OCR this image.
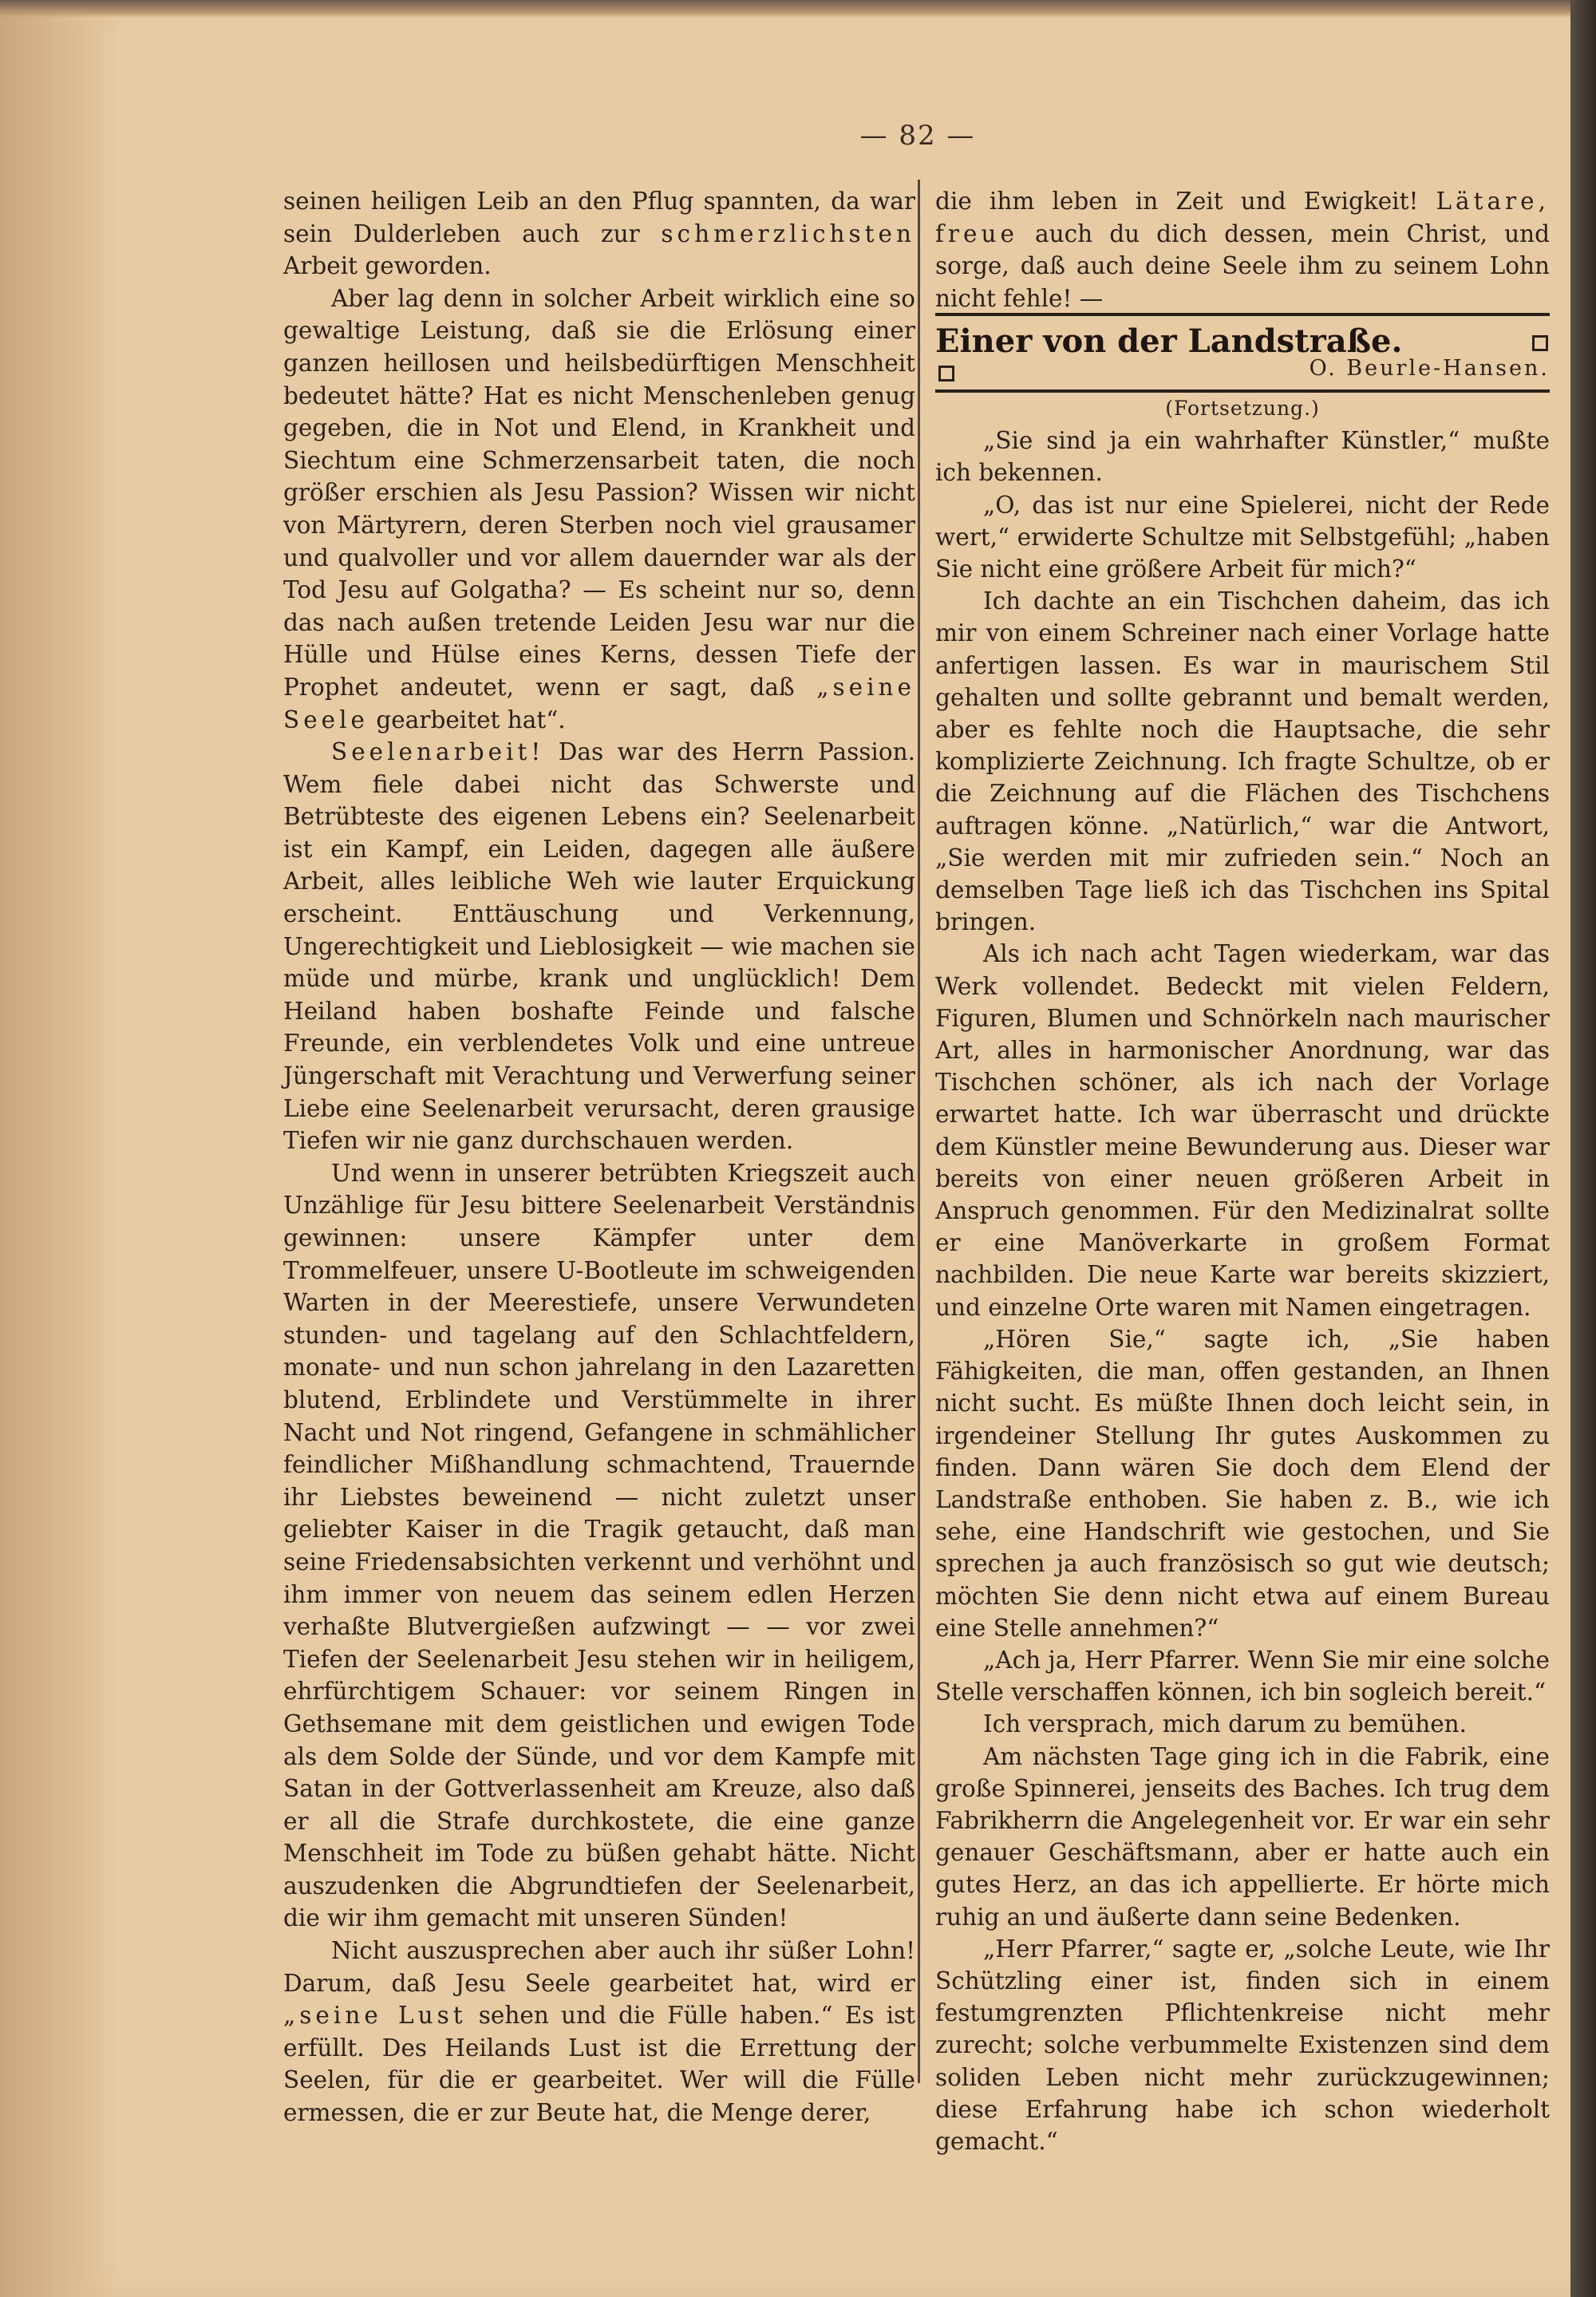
— 82 —

seinen heiligen Leib an den Pflug spannten, da war sein Dulderleben auch zur schmerzlichsten Arbeit geworden.

Aber lag denn in solcher Arbeit wirklich eine so gewaltige Leistung, daß sie die Erlösung einer ganzen heillosen und heilsbedürftigen Menschheit bedeutet hätte? Hat es nicht Menschenleben genug gegeben, die in Not und Elend, in Krankheit und Siechtum eine Schmerzensarbeit taten, die noch größer erschien als Jesu Passion? Wissen wir nicht von Märtyrern, deren Sterben noch viel grausamer und qualvoller und vor allem dauernder war als der Tod Jesu auf Golgatha? — Es scheint nur so, denn das nach außen tretende Leiden Jesu war nur die Hülle und Hülse eines Kerns, dessen Tiefe der Prophet andeutet, wenn er sagt, daß „seine Seele gearbeitet hat“.

Seelenarbeit! Das war des Herrn Passion. Wem fiele dabei nicht das Schwerste und Betrübteste des eigenen Lebens ein? Seelenarbeit ist ein Kampf, ein Leiden, dagegen alle äußere Arbeit, alles leibliche Weh wie lauter Erquickung erscheint. Enttäuschung und Verkennung, Ungerechtigkeit und Lieblosigkeit — wie machen sie müde und mürbe, krank und unglücklich! Dem Heiland haben boshafte Feinde und falsche Freunde, ein verblendetes Volk und eine untreue Jüngerschaft mit Verachtung und Verwerfung seiner Liebe eine Seelenarbeit verursacht, deren grausige Tiefen wir nie ganz durchschauen werden.

Und wenn in unserer betrübten Kriegszeit auch Unzählige für Jesu bittere Seelenarbeit Verständnis gewinnen: unsere Kämpfer unter dem Trommelfeuer, unsere U-Bootleute im schweigenden Warten in der Meerestiefe, unsere Verwundeten stunden- und tagelang auf den Schlachtfeldern, monate- und nun schon jahrelang in den Lazaretten blutend, Erblindete und Verstümmelte in ihrer Nacht und Not ringend, Gefangene in schmählicher feindlicher Mißhandlung schmachtend, Trauernde ihr Liebstes beweinend — nicht zuletzt unser geliebter Kaiser in die Tragik getaucht, daß man seine Friedensabsichten verkennt und verhöhnt und ihm immer von neuem das seinem edlen Herzen verhaßte Blutvergießen aufzwingt — — vor zwei Tiefen der Seelenarbeit Jesu stehen wir in heiligem, ehrfürchtigem Schauer: vor seinem Ringen in Gethsemane mit dem geistlichen und ewigen Tode als dem Solde der Sünde, und vor dem Kampfe mit Satan in der Gottverlassenheit am Kreuze, also daß er all die Strafe durchkostete, die eine ganze Menschheit im Tode zu büßen gehabt hätte. Nicht auszudenken die Abgrundtiefen der Seelenarbeit, die wir ihm gemacht mit unseren Sünden!

Nicht auszusprechen aber auch ihr süßer Lohn! Darum, daß Jesu Seele gearbeitet hat, wird er „seine Lust sehen und die Fülle haben.“ Es ist erfüllt. Des Heilands Lust ist die Errettung der Seelen, für die er gearbeitet. Wer will die Fülle ermessen, die er zur Beute hat, die Menge derer,

die ihm leben in Zeit und Ewigkeit! Lätare, freue auch du dich dessen, mein Christ, und sorge, daß auch deine Seele ihm zu seinem Lohn nicht fehle! —

Einer von der Landstraße.
O. Beurle-Hansen.

(Fortsetzung.)

„Sie sind ja ein wahrhafter Künstler,“ mußte ich bekennen.

„O, das ist nur eine Spielerei, nicht der Rede wert,“ erwiderte Schultze mit Selbstgefühl; „haben Sie nicht eine größere Arbeit für mich?“

Ich dachte an ein Tischchen daheim, das ich mir von einem Schreiner nach einer Vorlage hatte anfertigen lassen. Es war in maurischem Stil gehalten und sollte gebrannt und bemalt werden, aber es fehlte noch die Hauptsache, die sehr komplizierte Zeichnung. Ich fragte Schultze, ob er die Zeichnung auf die Flächen des Tischchens auftragen könne. „Natürlich,“ war die Antwort, „Sie werden mit mir zufrieden sein.“ Noch an demselben Tage ließ ich das Tischchen ins Spital bringen.

Als ich nach acht Tagen wiederkam, war das Werk vollendet. Bedeckt mit vielen Feldern, Figuren, Blumen und Schnörkeln nach maurischer Art, alles in harmonischer Anordnung, war das Tischchen schöner, als ich nach der Vorlage erwartet hatte. Ich war überrascht und drückte dem Künstler meine Bewunderung aus. Dieser war bereits von einer neuen größeren Arbeit in Anspruch genommen. Für den Medizinalrat sollte er eine Manöverkarte in großem Format nachbilden. Die neue Karte war bereits skizziert, und einzelne Orte waren mit Namen eingetragen.

„Hören Sie,“ sagte ich, „Sie haben Fähigkeiten, die man, offen gestanden, an Ihnen nicht sucht. Es müßte Ihnen doch leicht sein, in irgendeiner Stellung Ihr gutes Auskommen zu finden. Dann wären Sie doch dem Elend der Landstraße enthoben. Sie haben z. B., wie ich sehe, eine Handschrift wie gestochen, und Sie sprechen ja auch französisch so gut wie deutsch; möchten Sie denn nicht etwa auf einem Bureau eine Stelle annehmen?“

„Ach ja, Herr Pfarrer. Wenn Sie mir eine solche Stelle verschaffen können, ich bin sogleich bereit.“

Ich versprach, mich darum zu bemühen.

Am nächsten Tage ging ich in die Fabrik, eine große Spinnerei, jenseits des Baches. Ich trug dem Fabrikherrn die Angelegenheit vor. Er war ein sehr genauer Geschäftsmann, aber er hatte auch ein gutes Herz, an das ich appellierte. Er hörte mich ruhig an und äußerte dann seine Bedenken.

„Herr Pfarrer,“ sagte er, „solche Leute, wie Ihr Schützling einer ist, finden sich in einem festumgrenzten Pflichtenkreise nicht mehr zurecht; solche verbummelte Existenzen sind dem soliden Leben nicht mehr zurückzugewinnen; diese Erfahrung habe ich schon wiederholt gemacht.“
